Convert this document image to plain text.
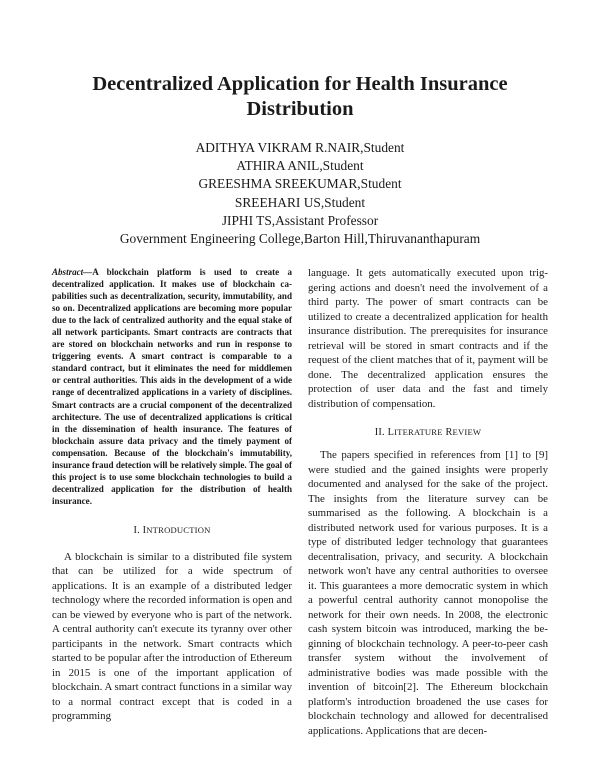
Decentralized Application for Health Insurance Distribution
ADITHYA VIKRAM R.NAIR,Student
ATHIRA ANIL,Student
GREESHMA SREEKUMAR,Student
SREEHARI US,Student
JIPHI TS,Assistant Professor
Government Engineering College,Barton Hill,Thiruvananthapuram

Abstract—A blockchain platform is used to create a decentralized application. It makes use of blockchain capabilities such as decentralization, security, immutability, and so on. Decentralized applications are becoming more popular due to the lack of centralized authority and the equal stake of all network participants. Smart contracts are contracts that are stored on blockchain networks and run in response to triggering events. A smart contract is comparable to a standard contract, but it eliminates the need for middlemen or central authorities. This aids in the development of a wide range of decentralized applications in a variety of disciplines. Smart contracts are a crucial component of the decentralized architecture. The use of decentralized applications is critical in the dissemination of health insurance. The features of blockchain assure data privacy and the timely payment of compensation. Because of the blockchain's immutability, insurance fraud detection will be relatively simple. The goal of this project is to use some blockchain technologies to build a decentralized application for the distribution of health insurance.

I. INTRODUCTION

A blockchain is similar to a distributed file system that can be utilized for a wide spectrum of applications. It is an example of a distributed ledger technology where the recorded information is open and can be viewed by everyone who is part of the network. A central authority can't execute its tyranny over other participants in the network. Smart contracts which started to be popular after the introduction of Ethereum in 2015 is one of the important application of blockchain. A smart contract functions in a similar way to a normal contract except that is coded in a programming

language. It gets automatically executed upon triggering actions and doesn't need the involvement of a third party. The power of smart contracts can be utilized to create a decentralized application for health insurance distribution. The prerequisites for insurance retrieval will be stored in smart contracts and if the request of the client matches that of it, payment will be done. The decentralized application ensures the protection of user data and the fast and timely distribution of compensation.

II. LITERATURE REVIEW

The papers specified in references from [1] to [9] were studied and the gained insights were properly documented and analysed for the sake of the project. The insights from the literature survey can be summarised as the following. A blockchain is a distributed network used for various purposes. It is a type of distributed ledger technology that guarantees decentralisation, privacy, and security. A blockchain network won't have any central authorities to oversee it. This guarantees a more democratic system in which a powerful central authority cannot monopolise the network for their own needs. In 2008, the electronic cash system bitcoin was introduced, marking the beginning of blockchain technology. A peer-to-peer cash transfer system without the involvement of administrative bodies was made possible with the invention of bitcoin[2]. The Ethereum blockchain platform's introduction broadened the use cases for blockchain technology and allowed for decentralised applications. Applications that are decen-
